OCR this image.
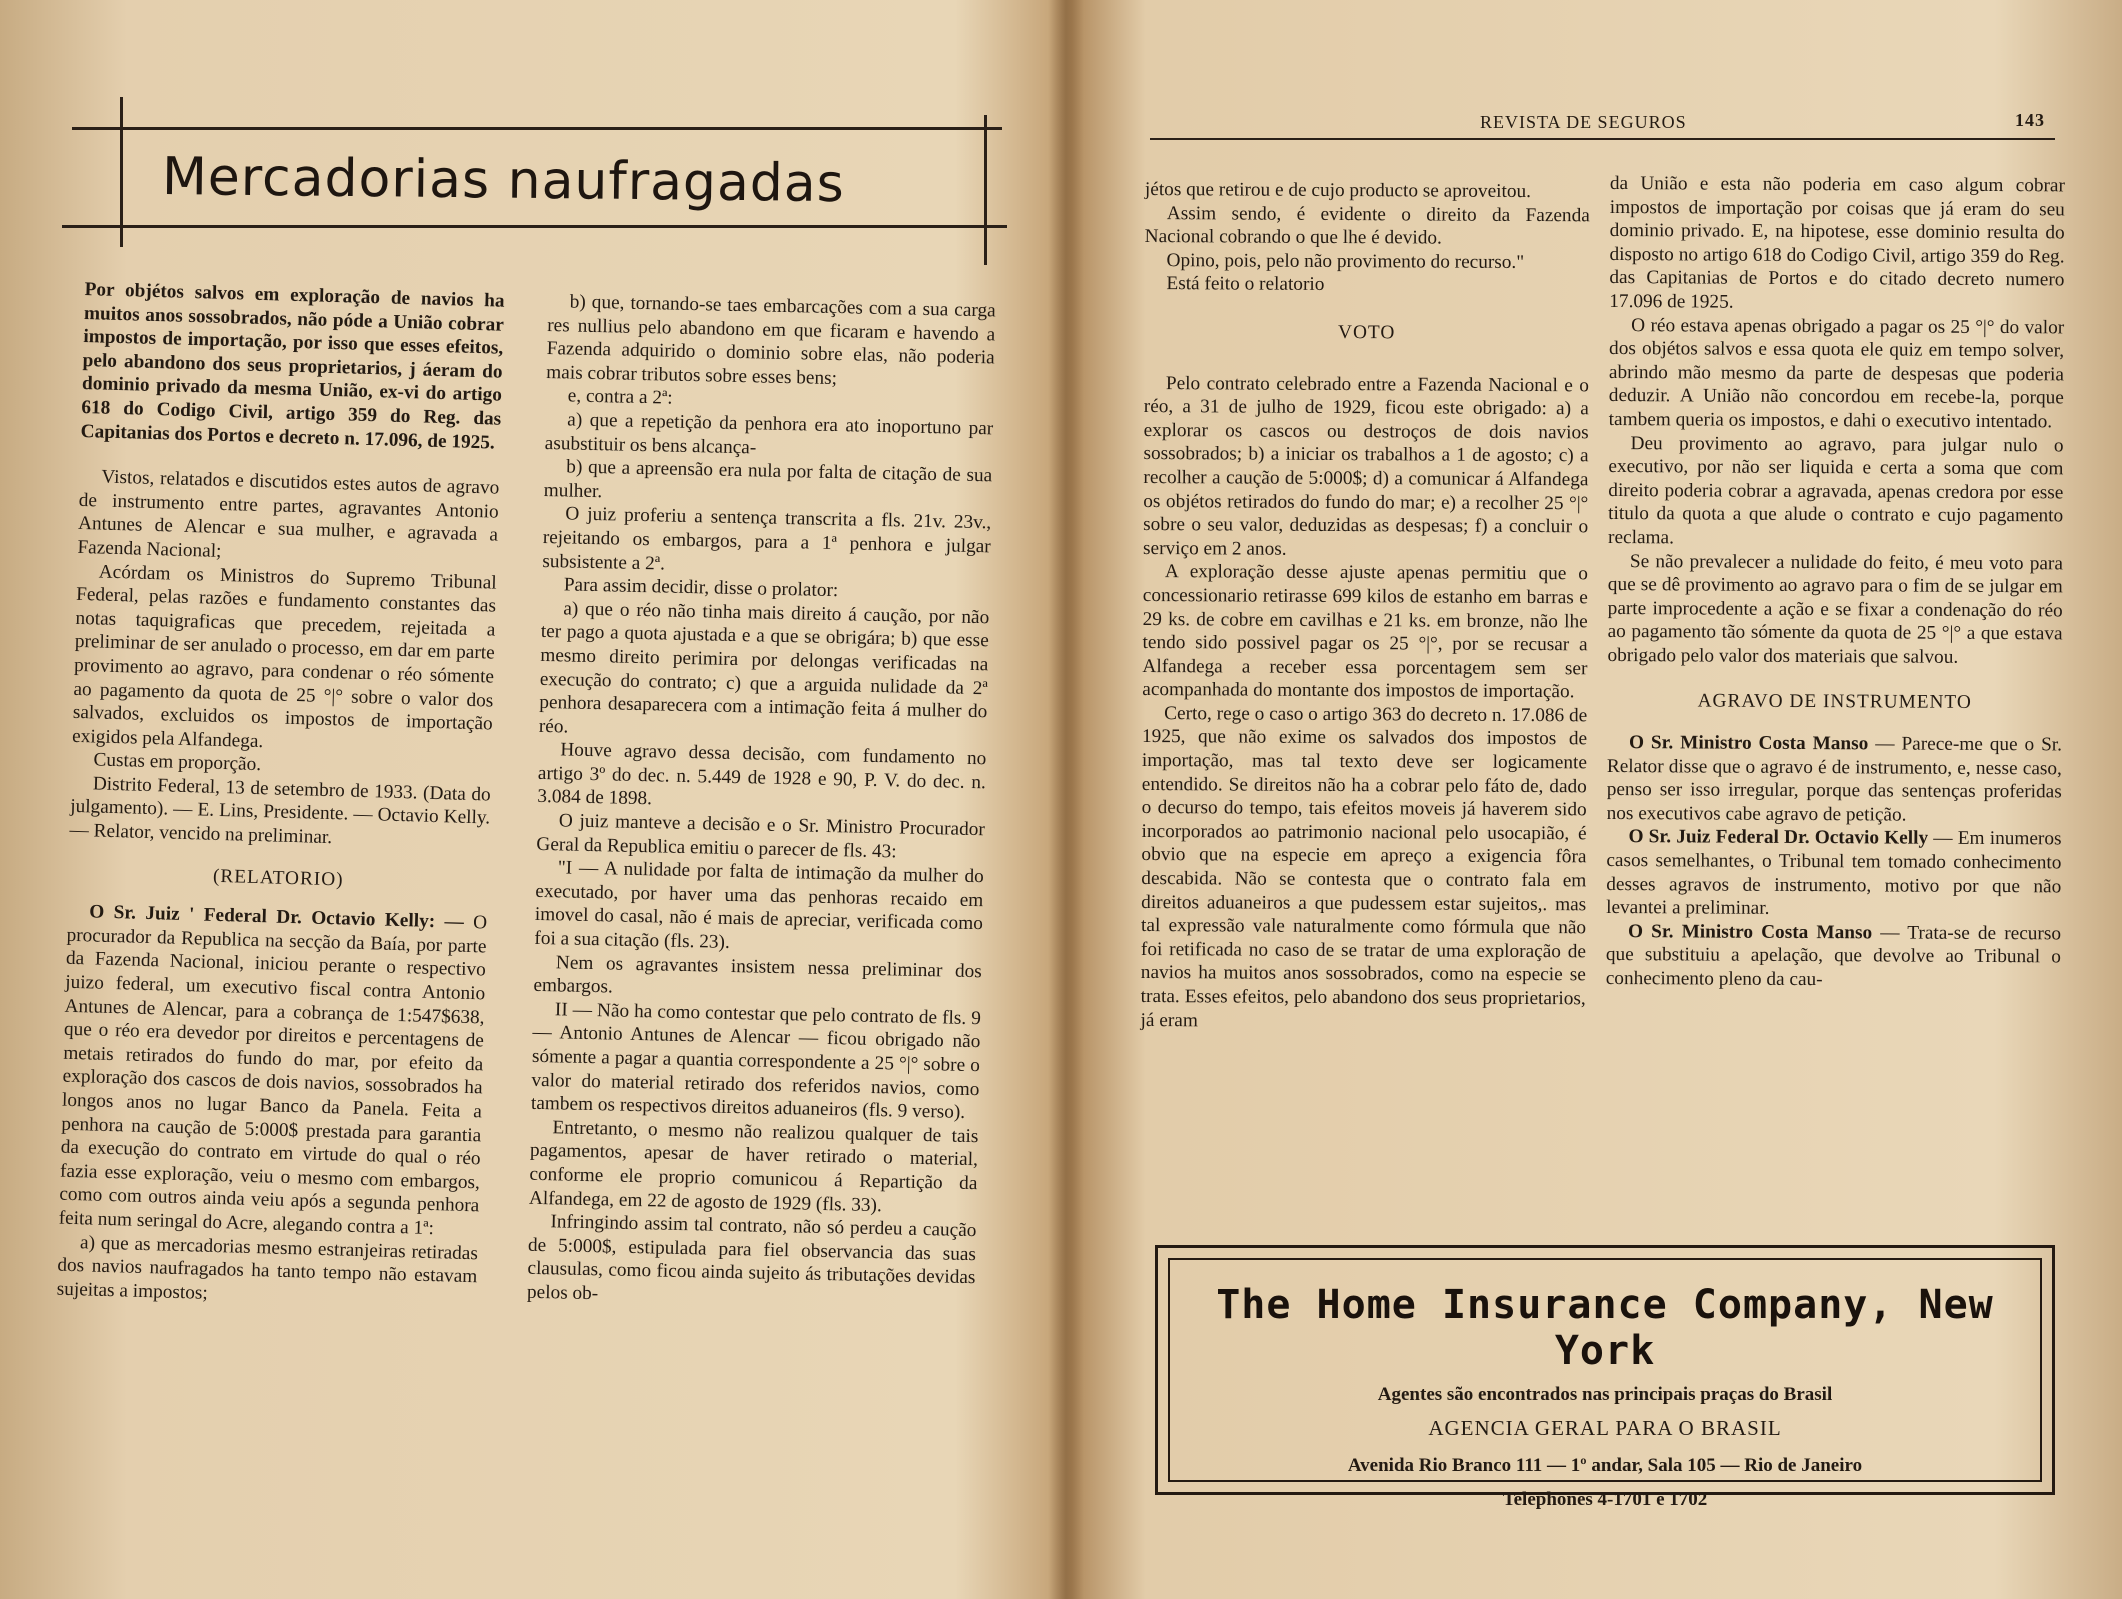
Mercadorias naufragadas

Por objétos salvos em exploração de navios ha muitos anos sossobrados, não póde a União cobrar impostos de importação, por isso que esses efeitos, pelo abandono dos seus proprietarios, j áeram do dominio privado da mesma União, ex-vi do artigo 618 do Codigo Civil, artigo 359 do Reg. das Capitanias dos Portos e decreto n. 17.096, de 1925.

Vistos, relatados e discutidos estes autos de agravo de instrumento entre partes, agravantes Antonio Antunes de Alencar e sua mulher, e agravada a Fazenda Nacional;

Acórdam os Ministros do Supremo Tribunal Federal, pelas razões e fundamento constantes das notas taquigraficas que precedem, rejeitada a preliminar de ser anulado o processo, em dar em parte provimento ao agravo, para condenar o réo sómente ao pagamento da quota de 25 °|° sobre o valor dos salvados, excluidos os impostos de importação exigidos pela Alfandega.

Custas em proporção.

Distrito Federal, 13 de setembro de 1933. (Data do julgamento). — E. Lins, Presidente. — Octavio Kelly. — Relator, vencido na preliminar.

(RELATORIO)

O Sr. Juiz ' Federal Dr. Octavio Kelly: — O procurador da Republica na secção da Baía, por parte da Fazenda Nacional, iniciou perante o respectivo juizo federal, um executivo fiscal contra Antonio Antunes de Alencar, para a cobrança de 1:547$638, que o réo era devedor por direitos e percentagens de metais retirados do fundo do mar, por efeito da exploração dos cascos de dois navios, sossobrados ha longos anos no lugar Banco da Panela. Feita a penhora na caução de 5:000$ prestada para garantia da execução do contrato em virtude do qual o réo fazia esse exploração, veiu o mesmo com embargos, como com outros ainda veiu após a segunda penhora feita num seringal do Acre, alegando contra a 1ª:

a) que as mercadorias mesmo estranjeiras retiradas dos navios naufragados ha tanto tempo não estavam sujeitas a impostos;

b) que, tornando-se taes embarcações com a sua carga res nullius pelo abandono em que ficaram e havendo a Fazenda adquirido o dominio sobre elas, não poderia mais cobrar tributos sobre esses bens;

e, contra a 2ª:

a) que a repetição da penhora era ato inoportuno par asubstituir os bens alcança-

b) que a apreensão era nula por falta de citação de sua mulher.

O juiz proferiu a sentença transcrita a fls. 21v. 23v., rejeitando os embargos, para a 1ª penhora e julgar subsistente a 2ª.

Para assim decidir, disse o prolator:

a) que o réo não tinha mais direito á caução, por não ter pago a quota ajustada e a que se obrigára; b) que esse mesmo direito perimira por delongas verificadas na execução do contrato; c) que a arguida nulidade da 2ª penhora desaparecera com a intimação feita á mulher do réo.

Houve agravo dessa decisão, com fundamento no artigo 3º do dec. n. 5.449 de 1928 e 90, P. V. do dec. n. 3.084 de 1898.

O juiz manteve a decisão e o Sr. Ministro Procurador Geral da Republica emitiu o parecer de fls. 43:

"I — A nulidade por falta de intimação da mulher do executado, por haver uma das penhoras recaido em imovel do casal, não é mais de apreciar, verificada como foi a sua citação (fls. 23).

Nem os agravantes insistem nessa preliminar dos embargos.

II — Não ha como contestar que pelo contrato de fls. 9 — Antonio Antunes de Alencar — ficou obrigado não sómente a pagar a quantia correspondente a 25 °|° sobre o valor do material retirado dos referidos navios, como tambem os respectivos direitos aduaneiros (fls. 9 verso).

Entretanto, o mesmo não realizou qualquer de tais pagamentos, apesar de haver retirado o material, conforme ele proprio comunicou á Repartição da Alfandega, em 22 de agosto de 1929 (fls. 33).

Infringindo assim tal contrato, não só perdeu a caução de 5:000$, estipulada para fiel observancia das suas clausulas, como ficou ainda sujeito ás tributações devidas pelos ob-

REVISTA DE SEGUROS	143

jétos que retirou e de cujo producto se aproveitou.

Assim sendo, é evidente o direito da Fazenda Nacional cobrando o que lhe é devido.

Opino, pois, pelo não provimento do recurso."

Está feito o relatorio

VOTO

Pelo contrato celebrado entre a Fazenda Nacional e o réo, a 31 de julho de 1929, ficou este obrigado: a) a explorar os cascos ou destroços de dois navios sossobrados; b) a iniciar os trabalhos a 1 de agosto; c) a recolher a caução de 5:000$; d) a comunicar á Alfandega os objétos retirados do fundo do mar; e) a recolher 25 °|° sobre o seu valor, deduzidas as despesas; f) a concluir o serviço em 2 anos.

A exploração desse ajuste apenas permitiu que o concessionario retirasse 699 kilos de estanho em barras e 29 ks. de cobre em cavilhas e 21 ks. em bronze, não lhe tendo sido possivel pagar os 25 °|°, por se recusar a Alfandega a receber essa porcentagem sem ser acompanhada do montante dos impostos de importação.

Certo, rege o caso o artigo 363 do decreto n. 17.086 de 1925, que não exime os salvados dos impostos de importação, mas tal texto deve ser logicamente entendido. Se direitos não ha a cobrar pelo fáto de, dado o decurso do tempo, tais efeitos moveis já haverem sido incorporados ao patrimonio nacional pelo usocapião, é obvio que na especie em apreço a exigencia fôra descabida. Não se contesta que o contrato fala em direitos aduaneiros a que pudessem estar sujeitos,. mas tal expressão vale naturalmente como fórmula que não foi retificada no caso de se tratar de uma exploração de navios ha muitos anos sossobrados, como na especie se trata. Esses efeitos, pelo abandono dos seus proprietarios, já eram

da União e esta não poderia em caso algum cobrar impostos de importação por coisas que já eram do seu dominio privado. E, na hipotese, esse dominio resulta do disposto no artigo 618 do Codigo Civil, artigo 359 do Reg. das Capitanias de Portos e do citado decreto numero 17.096 de 1925.

O réo estava apenas obrigado a pagar os 25 °|° do valor dos objétos salvos e essa quota ele quiz em tempo solver, abrindo mão mesmo da parte de despesas que poderia deduzir. A União não concordou em recebe-la, porque tambem queria os impostos, e dahi o executivo intentado.

Deu provimento ao agravo, para julgar nulo o executivo, por não ser liquida e certa a soma que com direito poderia cobrar a agravada, apenas credora por esse titulo da quota a que alude o contrato e cujo pagamento reclama.

Se não prevalecer a nulidade do feito, é meu voto para que se dê provimento ao agravo para o fim de se julgar em parte improcedente a ação e se fixar a condenação do réo ao pagamento tão sómente da quota de 25 °|° a que estava obrigado pelo valor dos materiais que salvou.

AGRAVO DE INSTRUMENTO

O Sr. Ministro Costa Manso — Parece-me que o Sr. Relator disse que o agravo é de instrumento, e, nesse caso, penso ser isso irregular, porque das sentenças proferidas nos executivos cabe agravo de petição.

O Sr. Juiz Federal Dr. Octavio Kelly — Em inumeros casos semelhantes, o Tribunal tem tomado conhecimento desses agravos de instrumento, motivo por que não levantei a preliminar.

O Sr. Ministro Costa Manso — Trata-se de recurso que substituiu a apelação, que devolve ao Tribunal o conhecimento pleno da cau-

The Home Insurance Company, New York
Agentes são encontrados nas principais praças do Brasil
AGENCIA GERAL PARA O BRASIL
Avenida Rio Branco 111 — 1º andar, Sala 105 — Rio de Janeiro
Telephones 4-1701 e 1702
